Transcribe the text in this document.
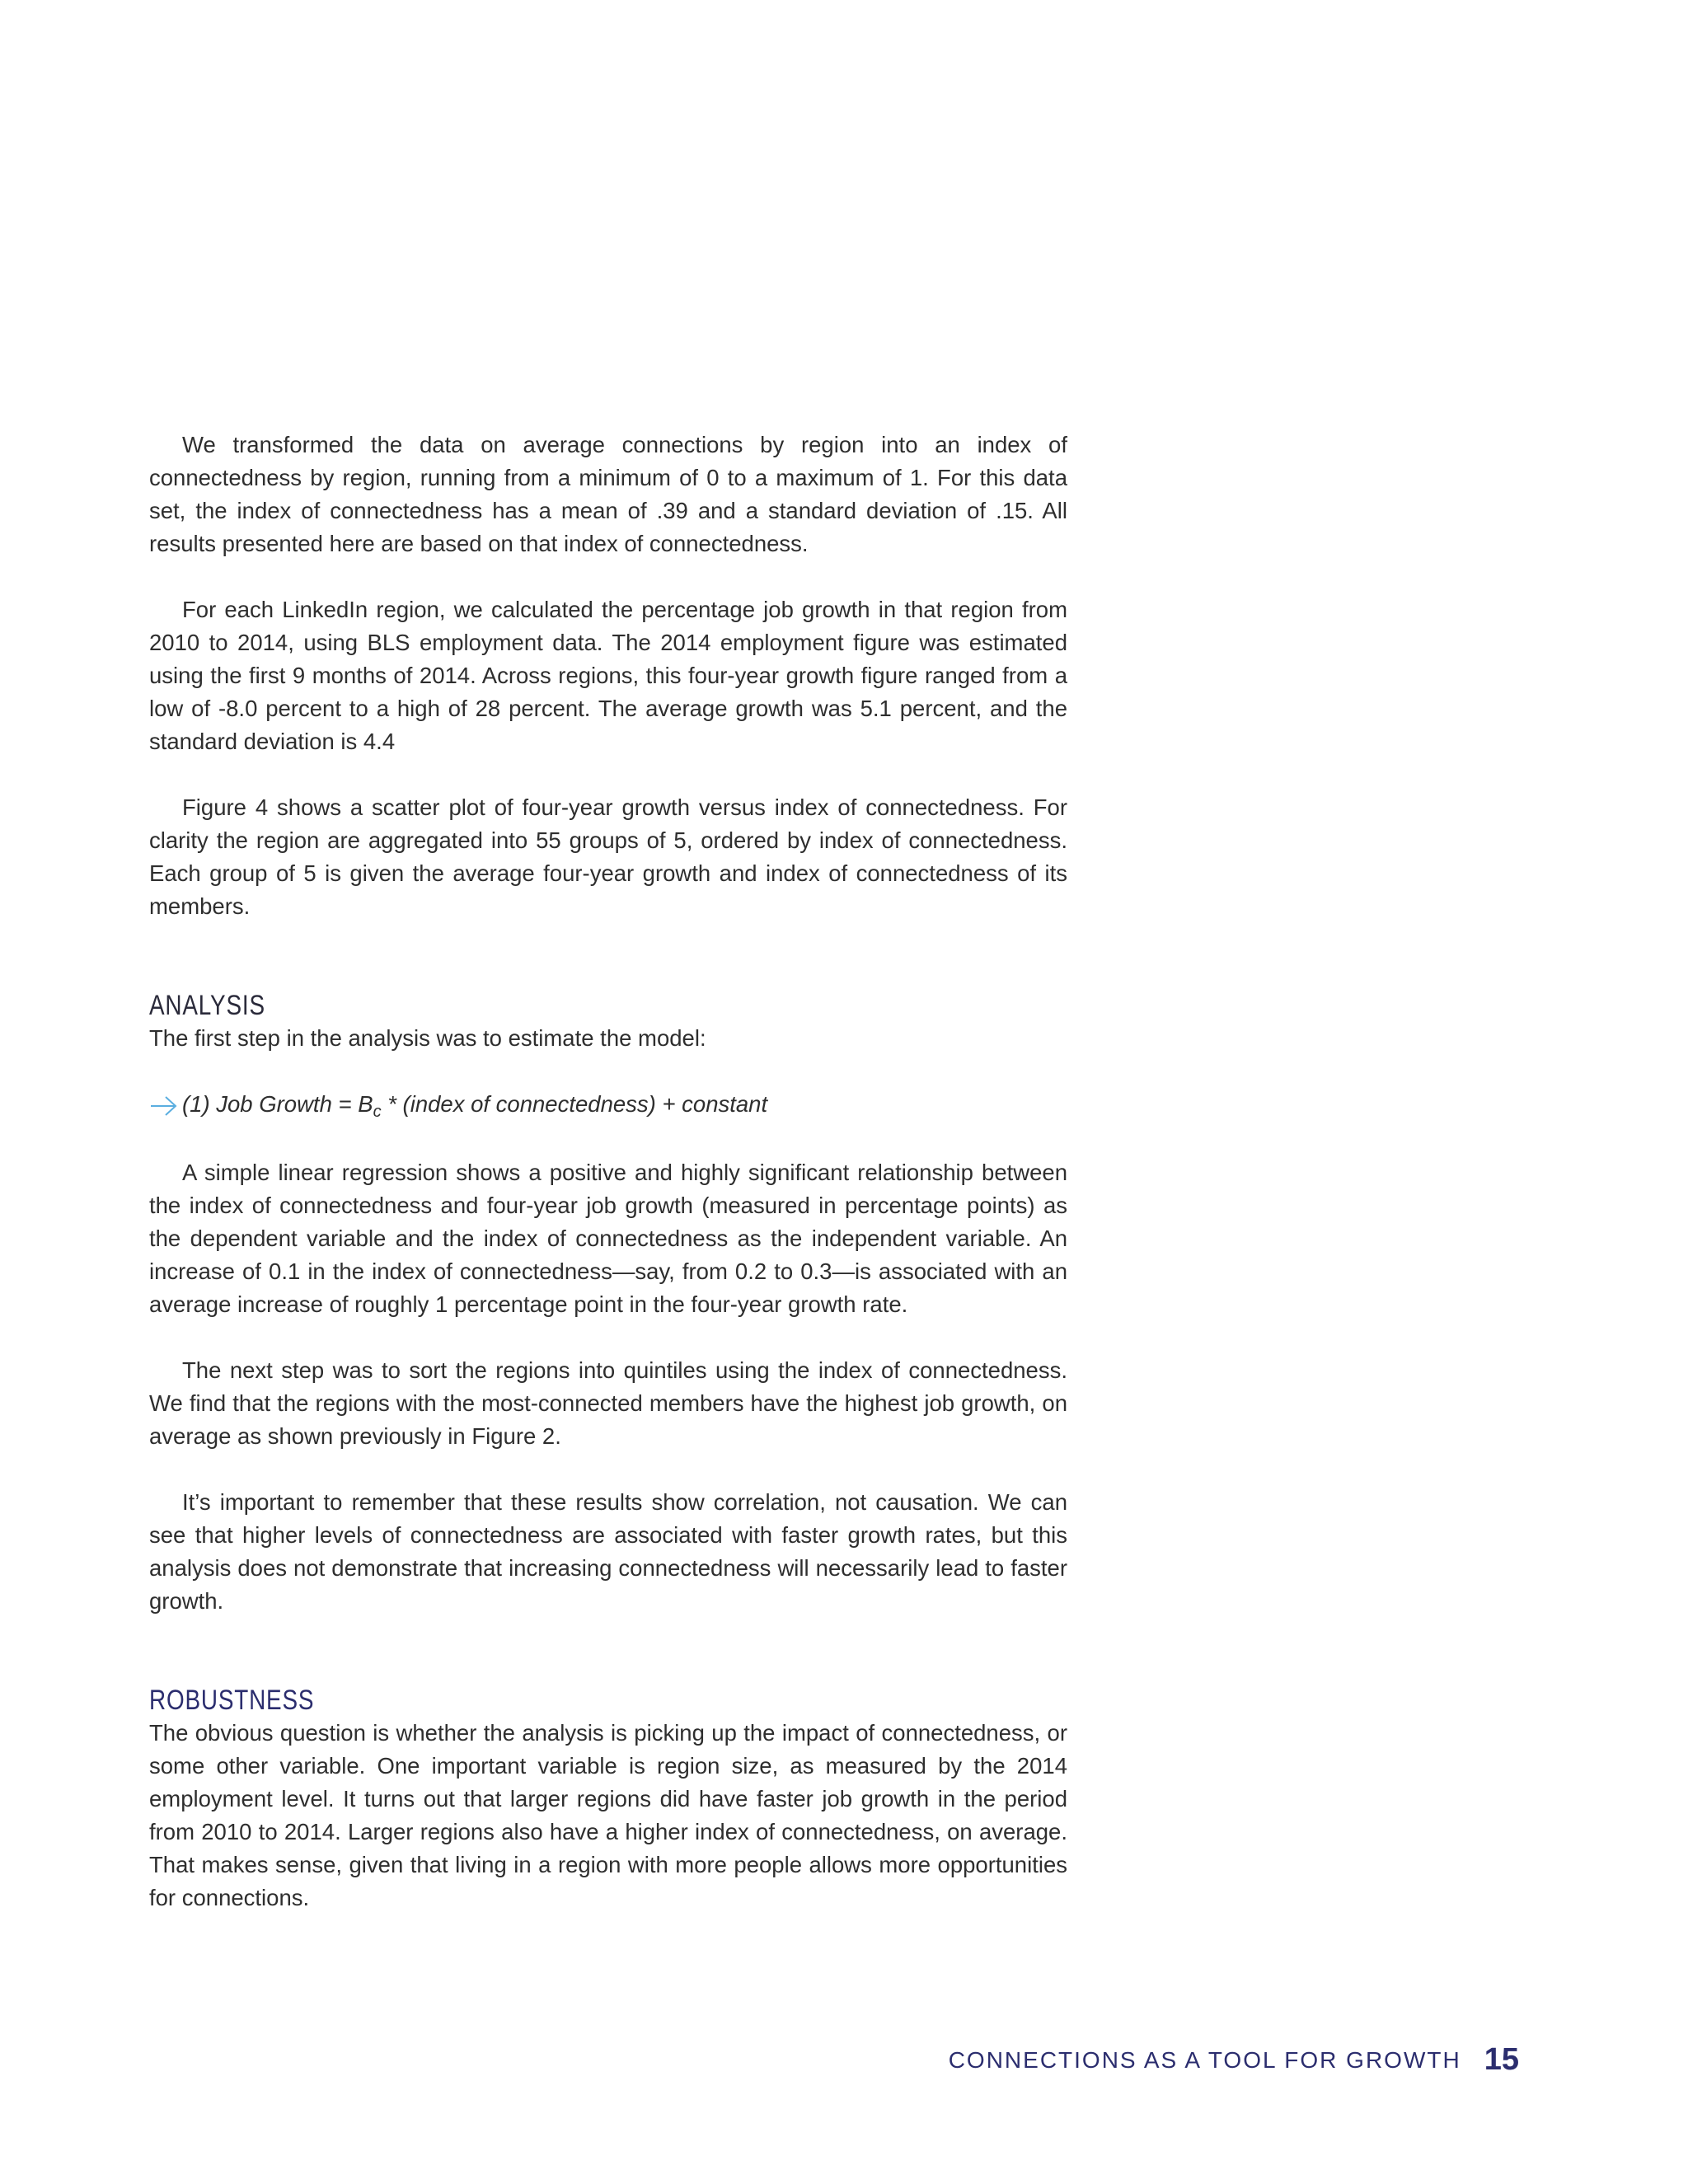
We transformed the data on average connections by region into an index of connectedness by region, running from a minimum of 0 to a maximum of 1. For this data set, the index of connectedness has a mean of .39 and a standard deviation of .15. All results presented here are based on that index of connectedness.

For each LinkedIn region, we calculated the percentage job growth in that region from 2010 to 2014, using BLS employment data. The 2014 employment figure was estimated using the first 9 months of 2014. Across regions, this four-year growth figure ranged from a low of -8.0 percent to a high of 28 percent. The average growth was 5.1 percent, and the standard deviation is 4.4

Figure 4 shows a scatter plot of four-year growth versus index of connectedness. For clarity the region are aggregated into 55 groups of 5, ordered by index of connectedness. Each group of 5 is given the average four-year growth and index of connectedness of its members.

ANALYSIS

The first step in the analysis was to estimate the model:

(1) Job Growth = $B_c$ * (index of connectedness) + constant

A simple linear regression shows a positive and highly significant relationship between the index of connectedness and four-year job growth (measured in percentage points) as the dependent variable and the index of connectedness as the independent variable. An increase of 0.1 in the index of connectedness—say, from 0.2 to 0.3—is associated with an average increase of roughly 1 percentage point in the four-year growth rate.

The next step was to sort the regions into quintiles using the index of connectedness. We find that the regions with the most-connected members have the highest job growth, on average as shown previously in Figure 2.

It’s important to remember that these results show correlation, not causation. We can see that higher levels of connectedness are associated with faster growth rates, but this analysis does not demonstrate that increasing connectedness will necessarily lead to faster growth.

ROBUSTNESS

The obvious question is whether the analysis is picking up the impact of connectedness, or some other variable. One important variable is region size, as measured by the 2014 employment level. It turns out that larger regions did have faster job growth in the period from 2010 to 2014. Larger regions also have a higher index of connectedness, on average. That makes sense, given that living in a region with more people allows more opportunities for connections.

CONNECTIONS AS A TOOL FOR GROWTH 15
